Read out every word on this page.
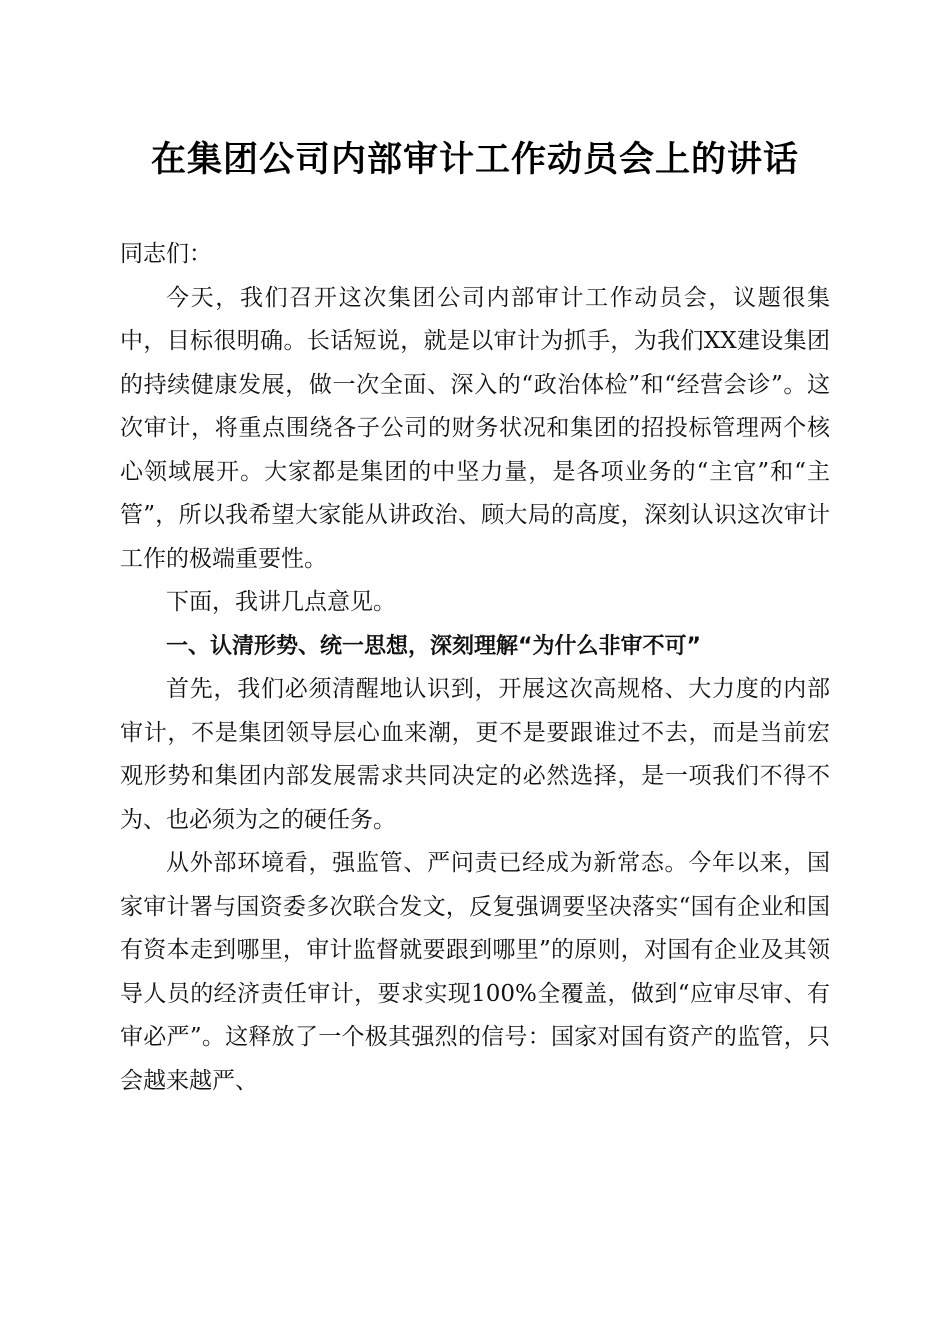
在集团公司内部审计工作动员会上的讲话

同志们：

今天，我们召开这次集团公司内部审计工作动员会，议题很集中，目标很明确。长话短说，就是以审计为抓手，为我们XX建设集团的持续健康发展，做一次全面、深入的“政治体检”和“经营会诊”。这次审计，将重点围绕各子公司的财务状况和集团的招投标管理两个核心领域展开。大家都是集团的中坚力量，是各项业务的“主官”和“主管”，所以我希望大家能从讲政治、顾大局的高度，深刻认识这次审计工作的极端重要性。

下面，我讲几点意见。

一、认清形势、统一思想，深刻理解“为什么非审不可”

首先，我们必须清醒地认识到，开展这次高规格、大力度的内部审计，不是集团领导层心血来潮，更不是要跟谁过不去，而是当前宏观形势和集团内部发展需求共同决定的必然选择，是一项我们不得不为、也必须为之的硬任务。

从外部环境看，强监管、严问责已经成为新常态。今年以来，国家审计署与国资委多次联合发文，反复强调要坚决落实“国有企业和国有资本走到哪里，审计监督就要跟到哪里”的原则，对国有企业及其领导人员的经济责任审计，要求实现100%全覆盖，做到“应审尽审、有审必严”。这释放了一个极其强烈的信号：国家对国有资产的监管，只会越来越严、
